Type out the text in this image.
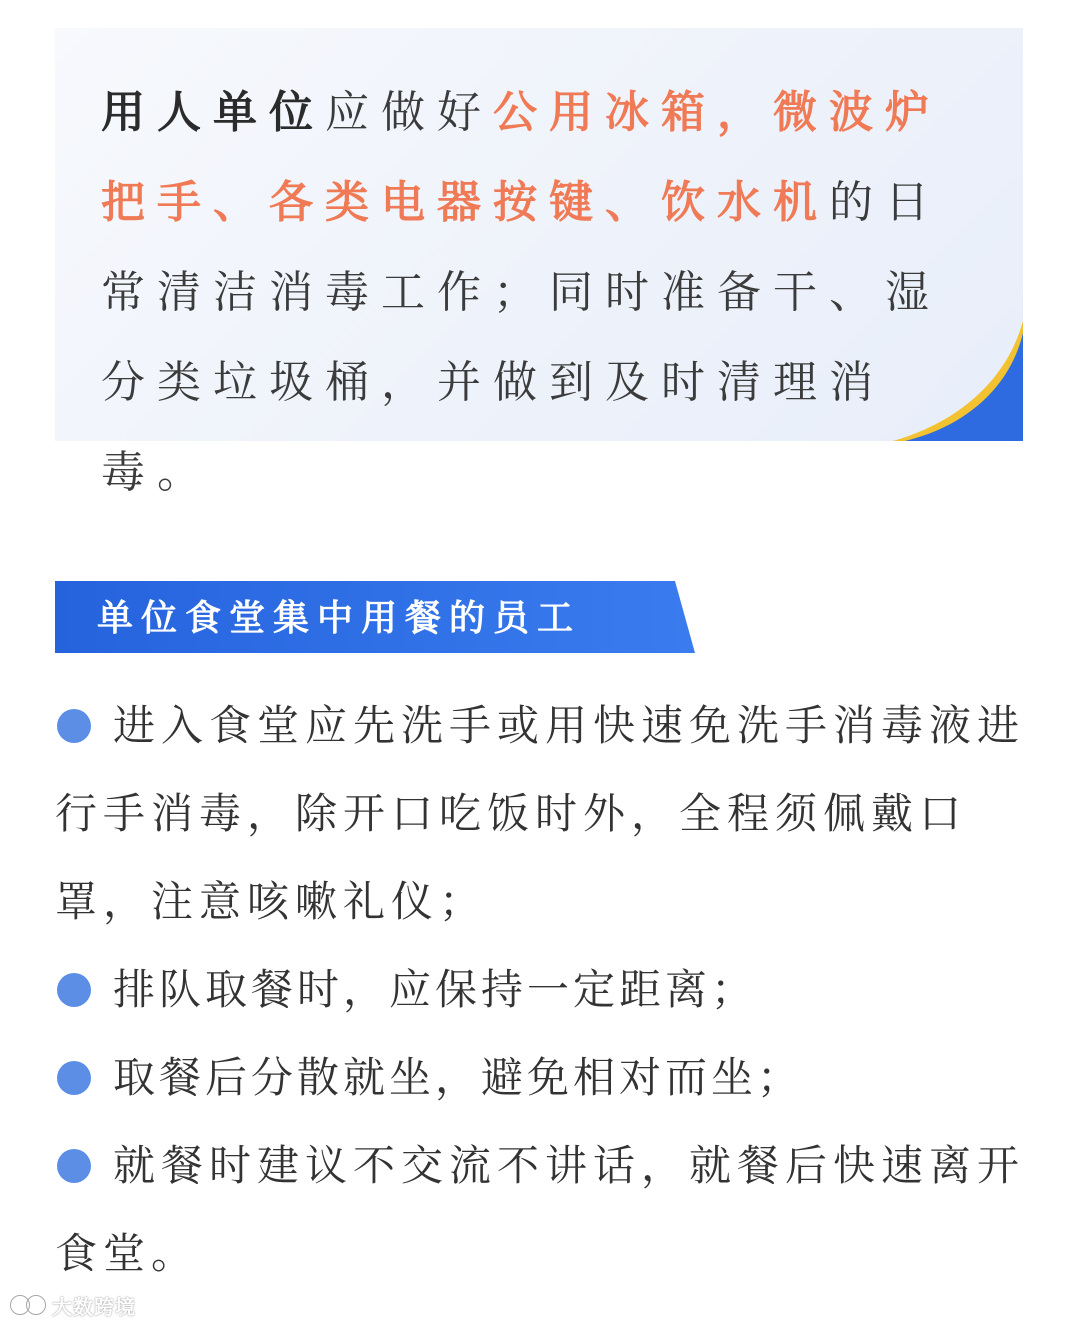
用人单位应做好公用冰箱，微波炉把手、各类电器按键、饮水机的日常清洁消毒工作；同时准备干、湿分类垃圾桶，并做到及时清理消毒。
单位食堂集中用餐的员工

进入食堂应先洗手或用快速免洗手消毒液进行手消毒，除开口吃饭时外，全程须佩戴口罩，注意咳嗽礼仪；

排队取餐时，应保持一定距离；

取餐后分散就坐，避免相对而坐；

就餐时建议不交流不讲话，就餐后快速离开食堂。

大数跨境
